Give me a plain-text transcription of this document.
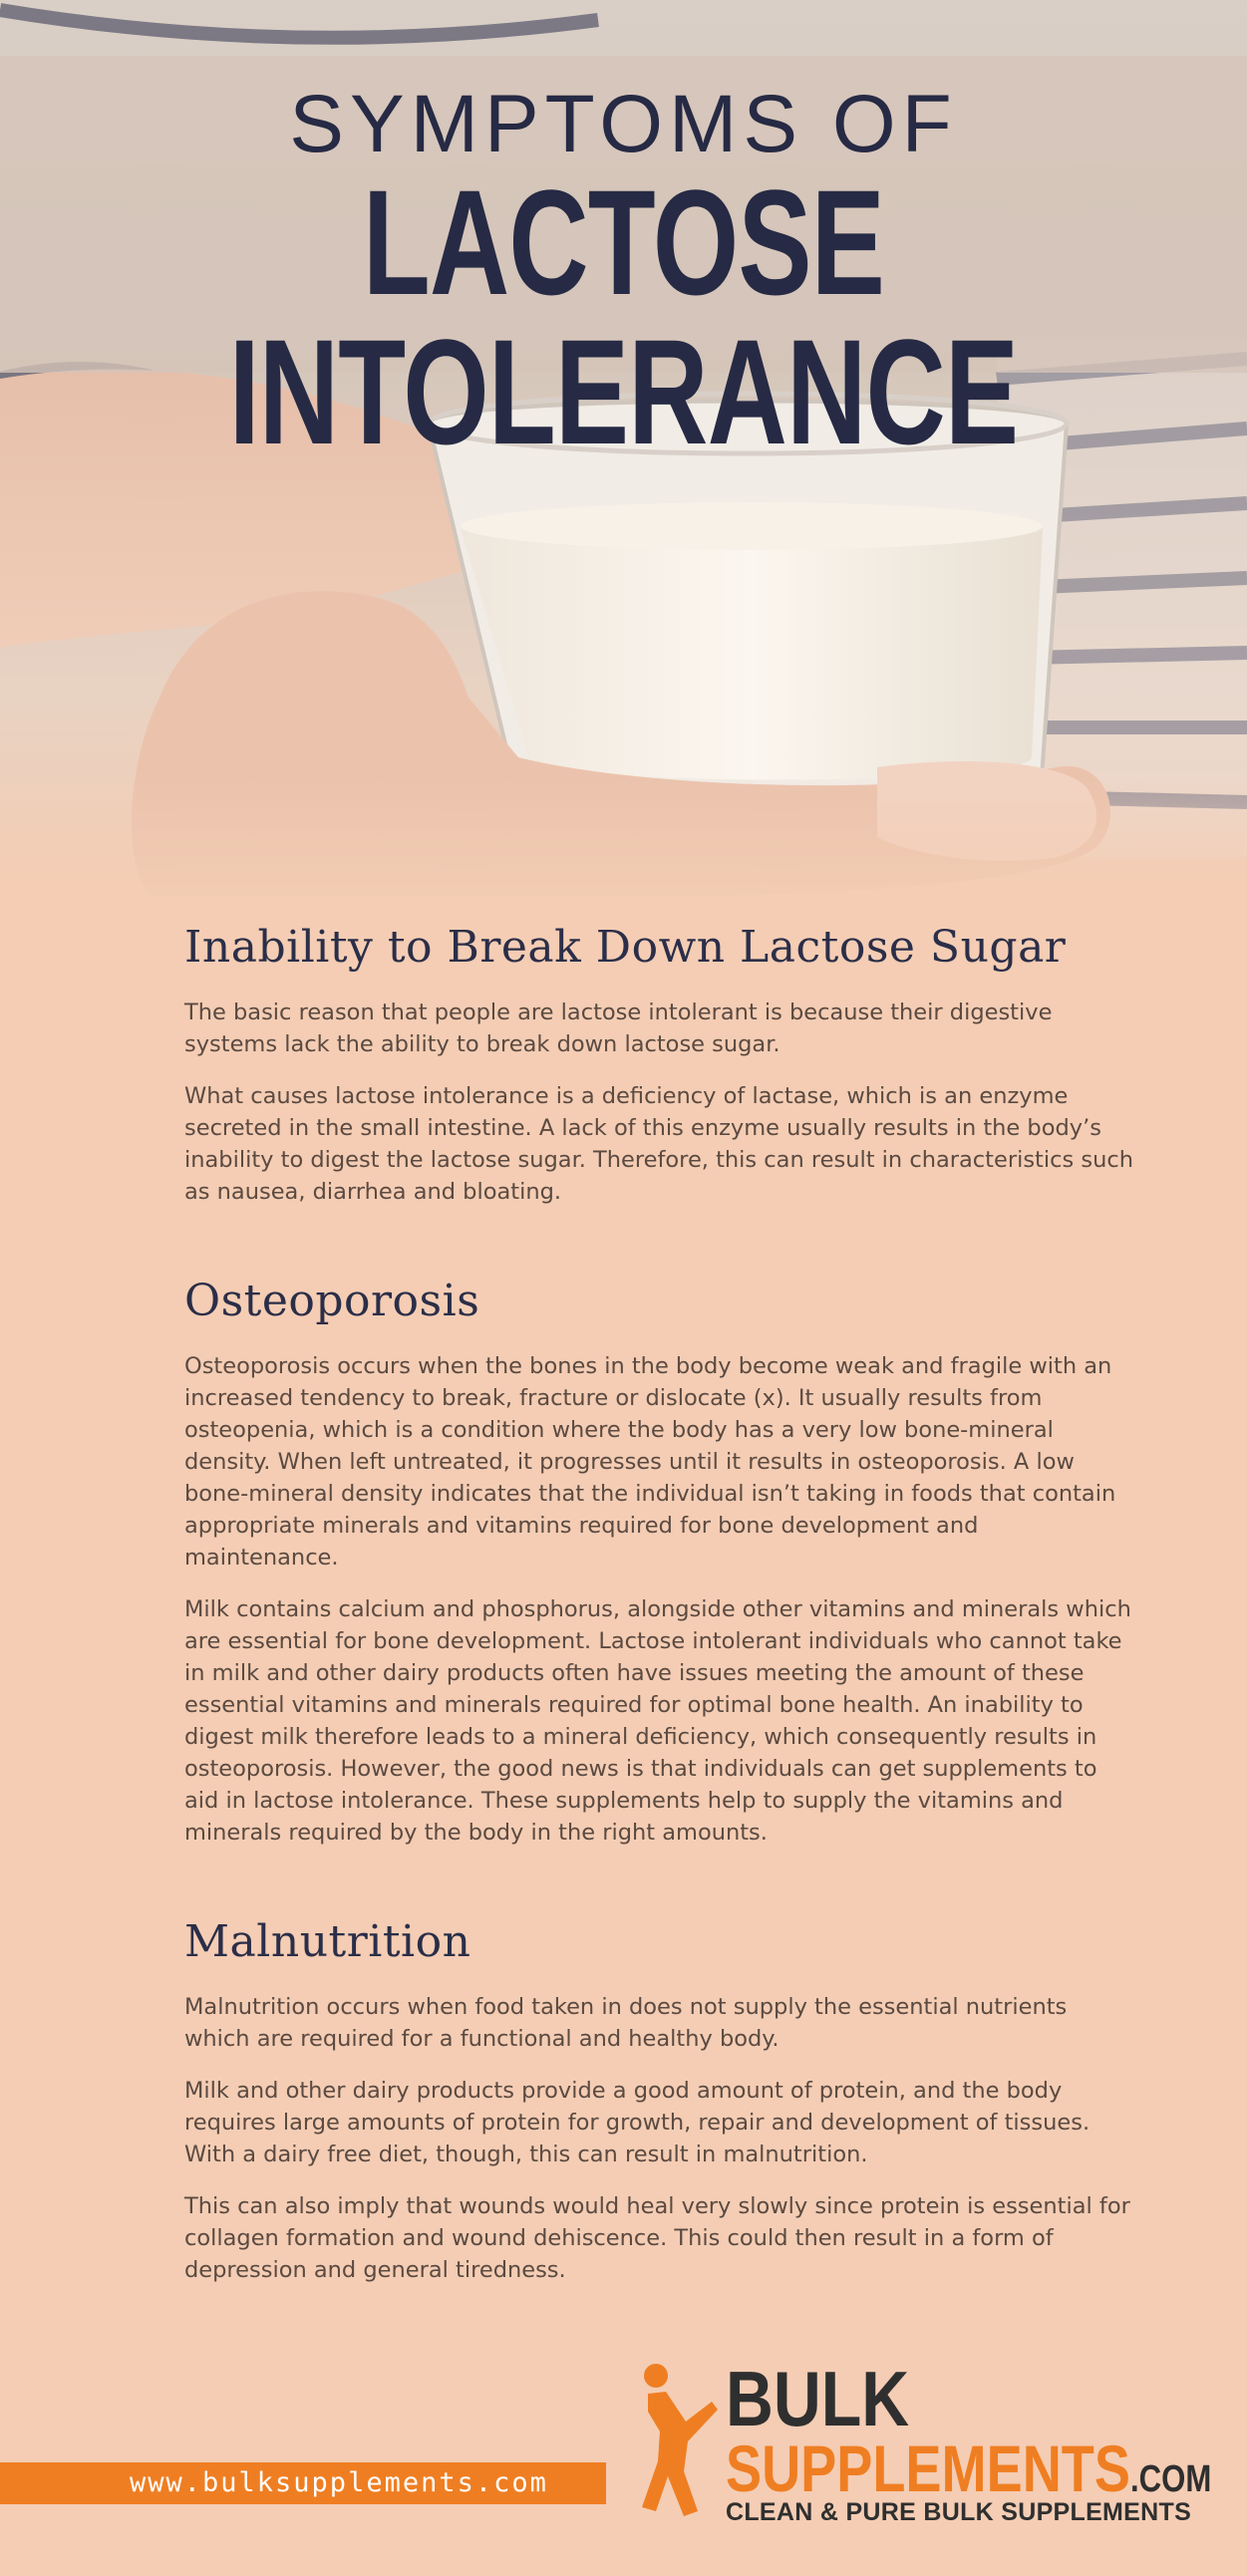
SYMPTOMS OF
LACTOSE INTOLERANCE
Inability to Break Down Lactose Sugar

The basic reason that people are lactose intolerant is because their digestive systems lack the ability to break down lactose sugar.

What causes lactose intolerance is a deficiency of lactase, which is an enzyme secreted in the small intestine. A lack of this enzyme usually results in the body’s inability to digest the lactose sugar. Therefore, this can result in characteristics such as nausea, diarrhea and bloating.

Osteoporosis

Osteoporosis occurs when the bones in the body become weak and fragile with an increased tendency to break, fracture or dislocate (x). It usually results from osteopenia, which is a condition where the body has a very low bone-mineral density. When left untreated, it progresses until it results in osteoporosis. A low bone-mineral density indicates that the individual isn’t taking in foods that contain appropriate minerals and vitamins required for bone development and maintenance.

Milk contains calcium and phosphorus, alongside other vitamins and minerals which are essential for bone development. Lactose intolerant individuals who cannot take in milk and other dairy products often have issues meeting the amount of these essential vitamins and minerals required for optimal bone health. An inability to digest milk therefore leads to a mineral deficiency, which consequently results in osteoporosis. However, the good news is that individuals can get supplements to aid in lactose intolerance. These supplements help to supply the vitamins and minerals required by the body in the right amounts.

Malnutrition

Malnutrition occurs when food taken in does not supply the essential nutrients which are required for a functional and healthy body.

Milk and other dairy products provide a good amount of protein, and the body requires large amounts of protein for growth, repair and development of tissues. With a dairy free diet, though, this can result in malnutrition.

This can also imply that wounds would heal very slowly since protein is essential for collagen formation and wound dehiscence. This could then result in a form of depression and general tiredness.

www.bulksupplements.com
BULK
SUPPLEMENTS.COM
CLEAN & PURE BULK SUPPLEMENTS
